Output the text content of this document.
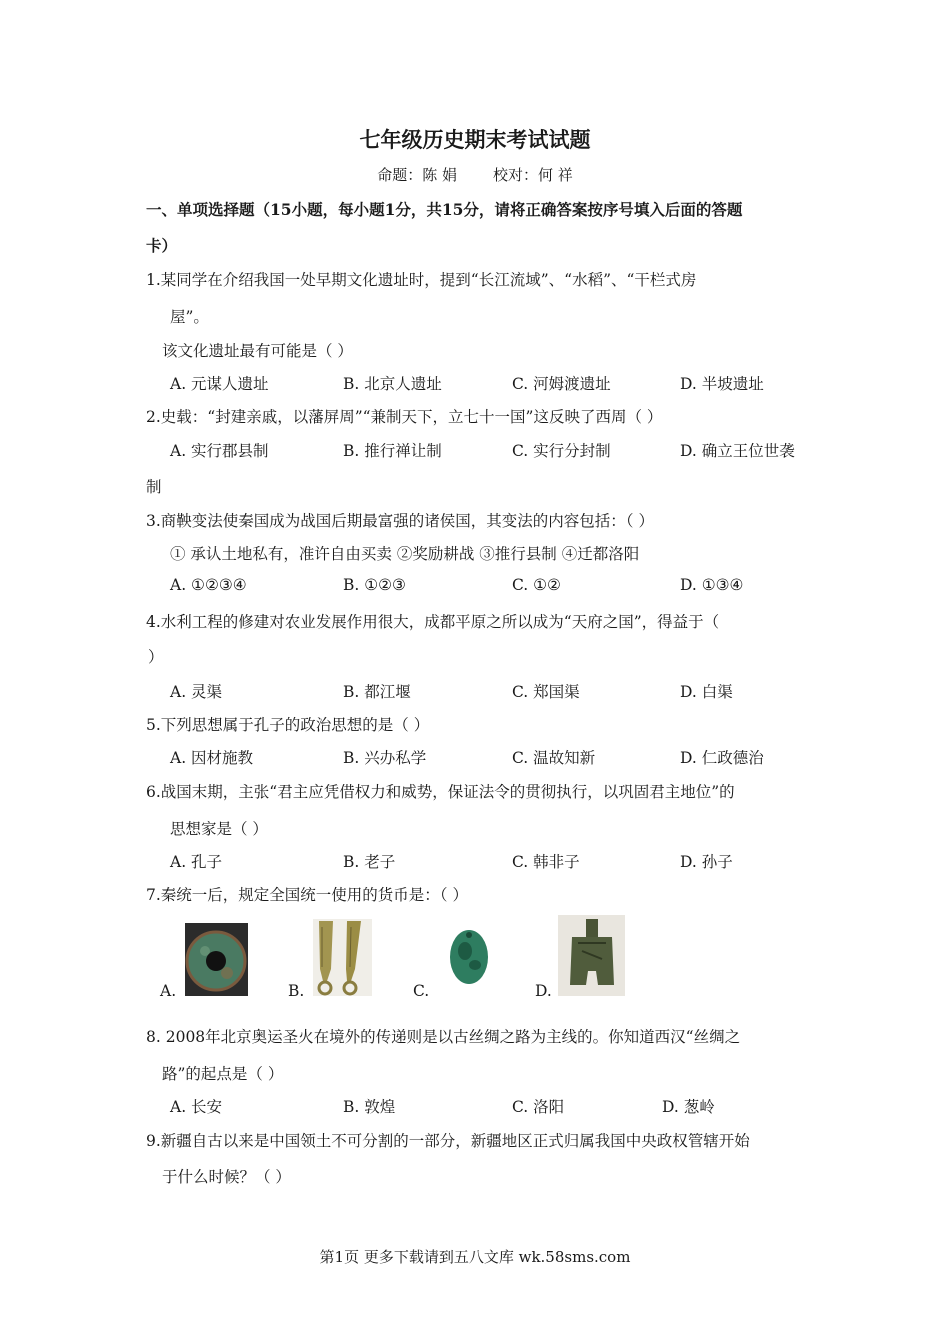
七年级历史期末考试试题
命题：陈 娟 校对：何 祥
一、单项选择题（15小题，每小题1分，共15分，请将正确答案按序号填入后面的答题
卡）
1.某同学在介绍我国一处早期文化遗址时，提到“长江流域”、“水稻”、“干栏式房
屋”。
该文化遗址最有可能是（ ）
A. 元谋人遗址	B. 北京人遗址	C. 河姆渡遗址	D. 半坡遗址
2.史载：“封建亲戚，以藩屏周”“兼制天下，立七十一国”这反映了西周（ ）
A. 实行郡县制	B. 推行禅让制	C. 实行分封制	D. 确立王位世袭
制
3.商鞅变法使秦国成为战国后期最富强的诸侯国，其变法的内容包括：（ ）
① 承认土地私有，准许自由买卖 ②奖励耕战 ③推行县制 ④迁都洛阳
A. ①②③④	B. ①②③	C. ①②	D. ①③④
4.水利工程的修建对农业发展作用很大，成都平原之所以成为“天府之国”，得益于（
）
A. 灵渠	B. 都江堰	C. 郑国渠	D. 白渠
5.下列思想属于孔子的政治思想的是（ ）
A. 因材施教	B. 兴办私学	C. 温故知新	D. 仁政德治
6.战国末期，主张“君主应凭借权力和威势，保证法令的贯彻执行，以巩固君主地位”的
思想家是（ ）
A. 孔子	B. 老子	C. 韩非子	D. 孙子
7.秦统一后，规定全国统一使用的货币是：（ ）
A.	B.	C.	D.
8. 2008年北京奥运圣火在境外的传递则是以古丝绸之路为主线的。你知道西汉“丝绸之
路”的起点是（ ）
A. 长安	B. 敦煌	C. 洛阳	D. 葱岭
9.新疆自古以来是中国领土不可分割的一部分，新疆地区正式归属我国中央政权管辖开始
于什么时候？（ ）
第1页 更多下载请到五八文库 wk.58sms.com
